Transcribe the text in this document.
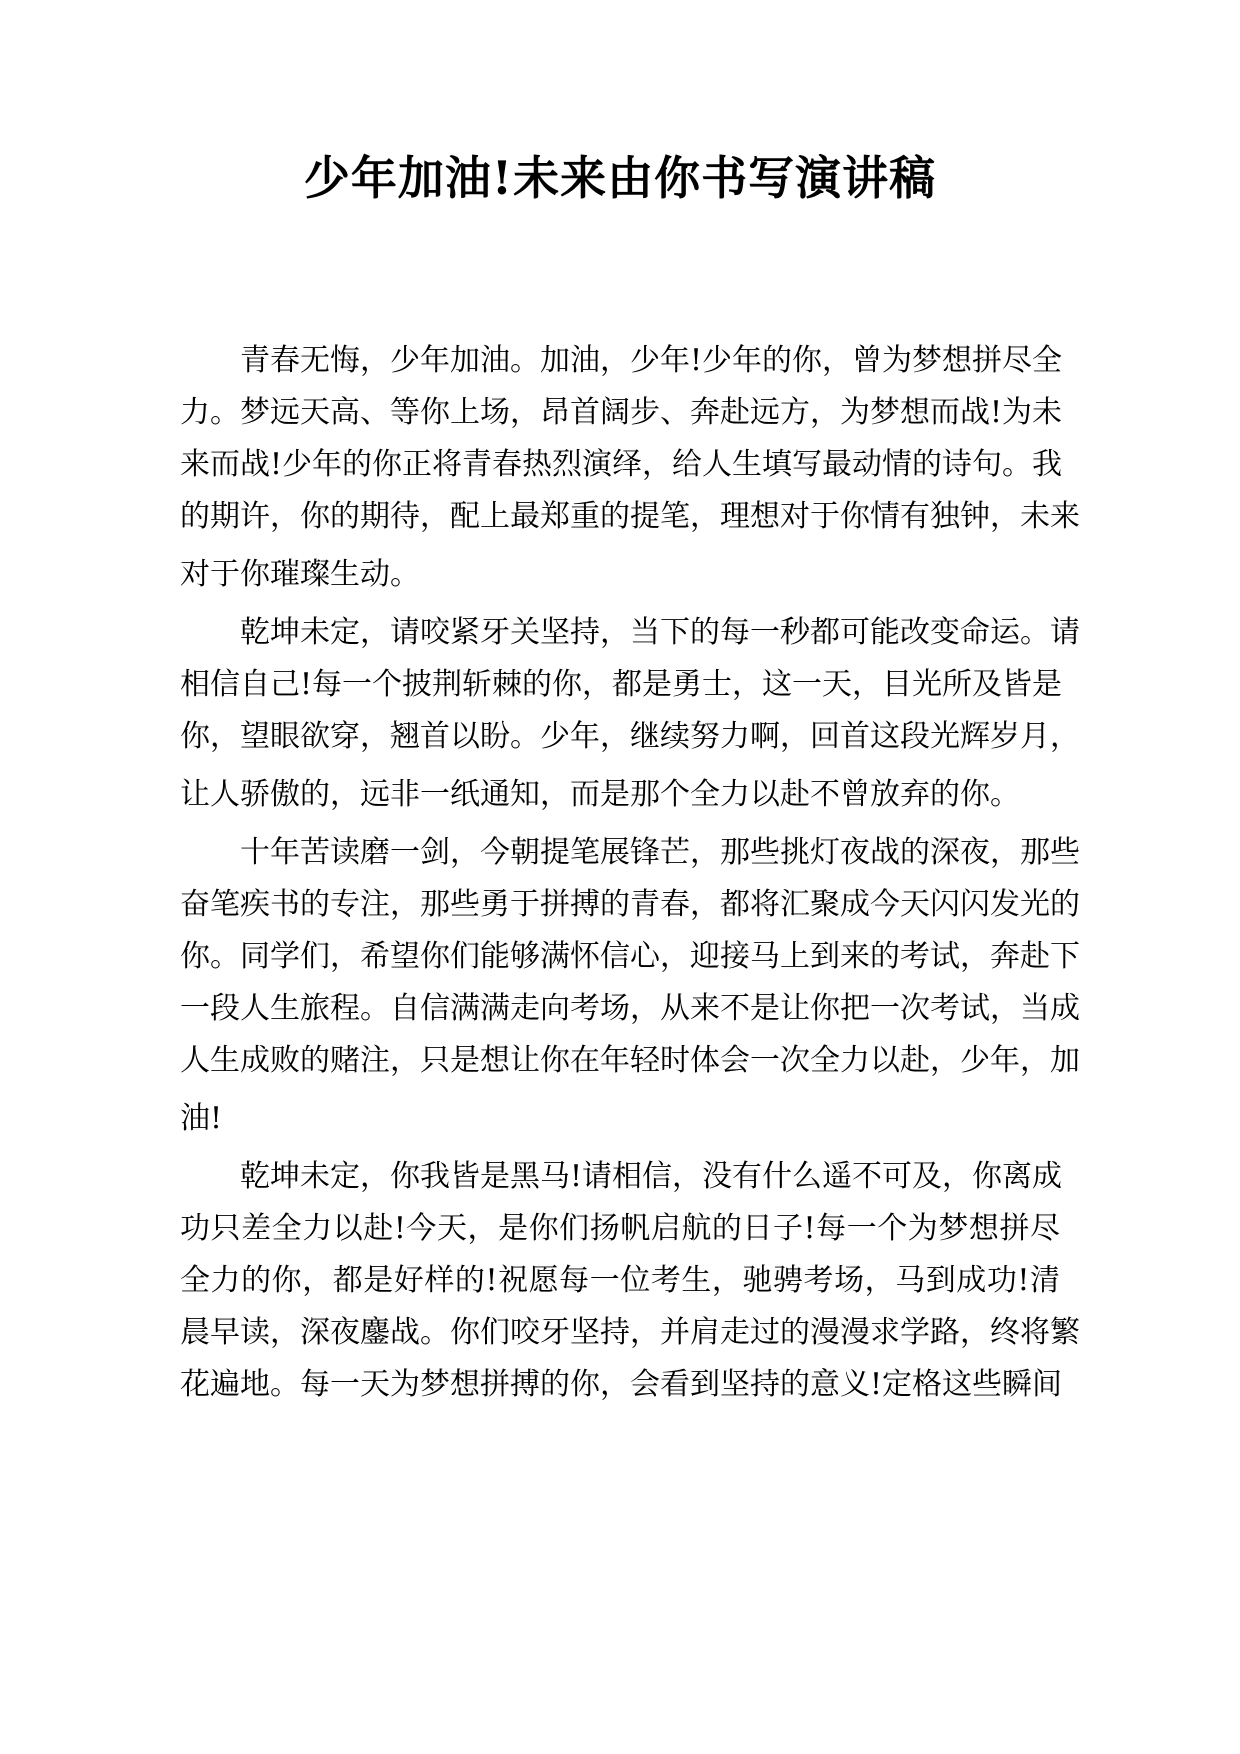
少年加油!未来由你书写演讲稿

青春无悔，少年加油。加油，少年!少年的你，曾为梦想拼尽全
力。梦远天高、等你上场，昂首阔步、奔赴远方，为梦想而战!为未
来而战!少年的你正将青春热烈演绎，给人生填写最动情的诗句。我
的期许，你的期待，配上最郑重的提笔，理想对于你情有独钟，未来
对于你璀璨生动。

乾坤未定，请咬紧牙关坚持，当下的每一秒都可能改变命运。请
相信自己!每一个披荆斩棘的你，都是勇士，这一天，目光所及皆是
你，望眼欲穿，翘首以盼。少年，继续努力啊，回首这段光辉岁月，
让人骄傲的，远非一纸通知，而是那个全力以赴不曾放弃的你。

十年苦读磨一剑，今朝提笔展锋芒，那些挑灯夜战的深夜，那些
奋笔疾书的专注，那些勇于拼搏的青春，都将汇聚成今天闪闪发光的
你。同学们，希望你们能够满怀信心，迎接马上到来的考试，奔赴下
一段人生旅程。自信满满走向考场，从来不是让你把一次考试，当成
人生成败的赌注，只是想让你在年轻时体会一次全力以赴，少年，加
油!

乾坤未定，你我皆是黑马!请相信，没有什么遥不可及，你离成
功只差全力以赴!今天，是你们扬帆启航的日子!每一个为梦想拼尽
全力的你，都是好样的!祝愿每一位考生，驰骋考场，马到成功!清
晨早读，深夜鏖战。你们咬牙坚持，并肩走过的漫漫求学路，终将繁
花遍地。每一天为梦想拼搏的你，会看到坚持的意义!定格这些瞬间
